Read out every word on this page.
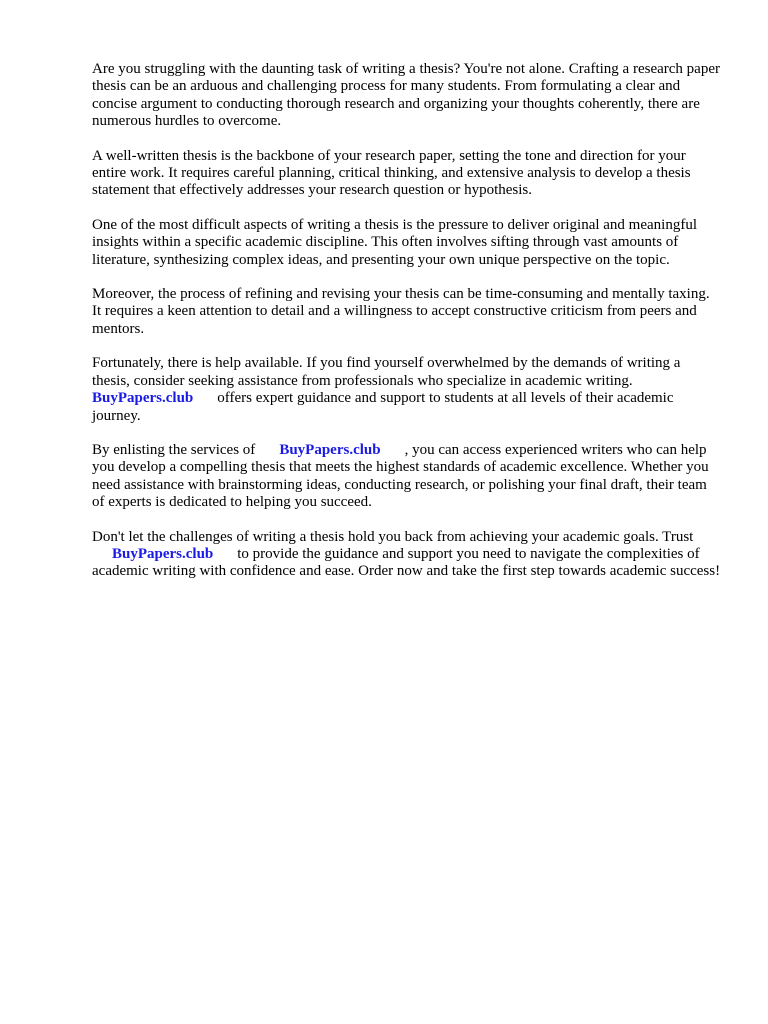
Are you struggling with the daunting task of writing a thesis? You're not alone. Crafting a research paper thesis can be an arduous and challenging process for many students. From formulating a clear and concise argument to conducting thorough research and organizing your thoughts coherently, there are numerous hurdles to overcome.

A well-written thesis is the backbone of your research paper, setting the tone and direction for your entire work. It requires careful planning, critical thinking, and extensive analysis to develop a thesis statement that effectively addresses your research question or hypothesis.

One of the most difficult aspects of writing a thesis is the pressure to deliver original and meaningful insights within a specific academic discipline. This often involves sifting through vast amounts of literature, synthesizing complex ideas, and presenting your own unique perspective on the topic.

Moreover, the process of refining and revising your thesis can be time-consuming and mentally taxing. It requires a keen attention to detail and a willingness to accept constructive criticism from peers and mentors.

Fortunately, there is help available. If you find yourself overwhelmed by the demands of writing a thesis, consider seeking assistance from professionals who specialize in academic writing.
BuyPapers.club offers expert guidance and support to students at all levels of their academic journey.

By enlisting the services of BuyPapers.club , you can access experienced writers who can help you develop a compelling thesis that meets the highest standards of academic excellence. Whether you need assistance with brainstorming ideas, conducting research, or polishing your final draft, their team of experts is dedicated to helping you succeed.

Don't let the challenges of writing a thesis hold you back from achieving your academic goals. Trust
BuyPapers.club to provide the guidance and support you need to navigate the complexities of academic writing with confidence and ease. Order now and take the first step towards academic success!
